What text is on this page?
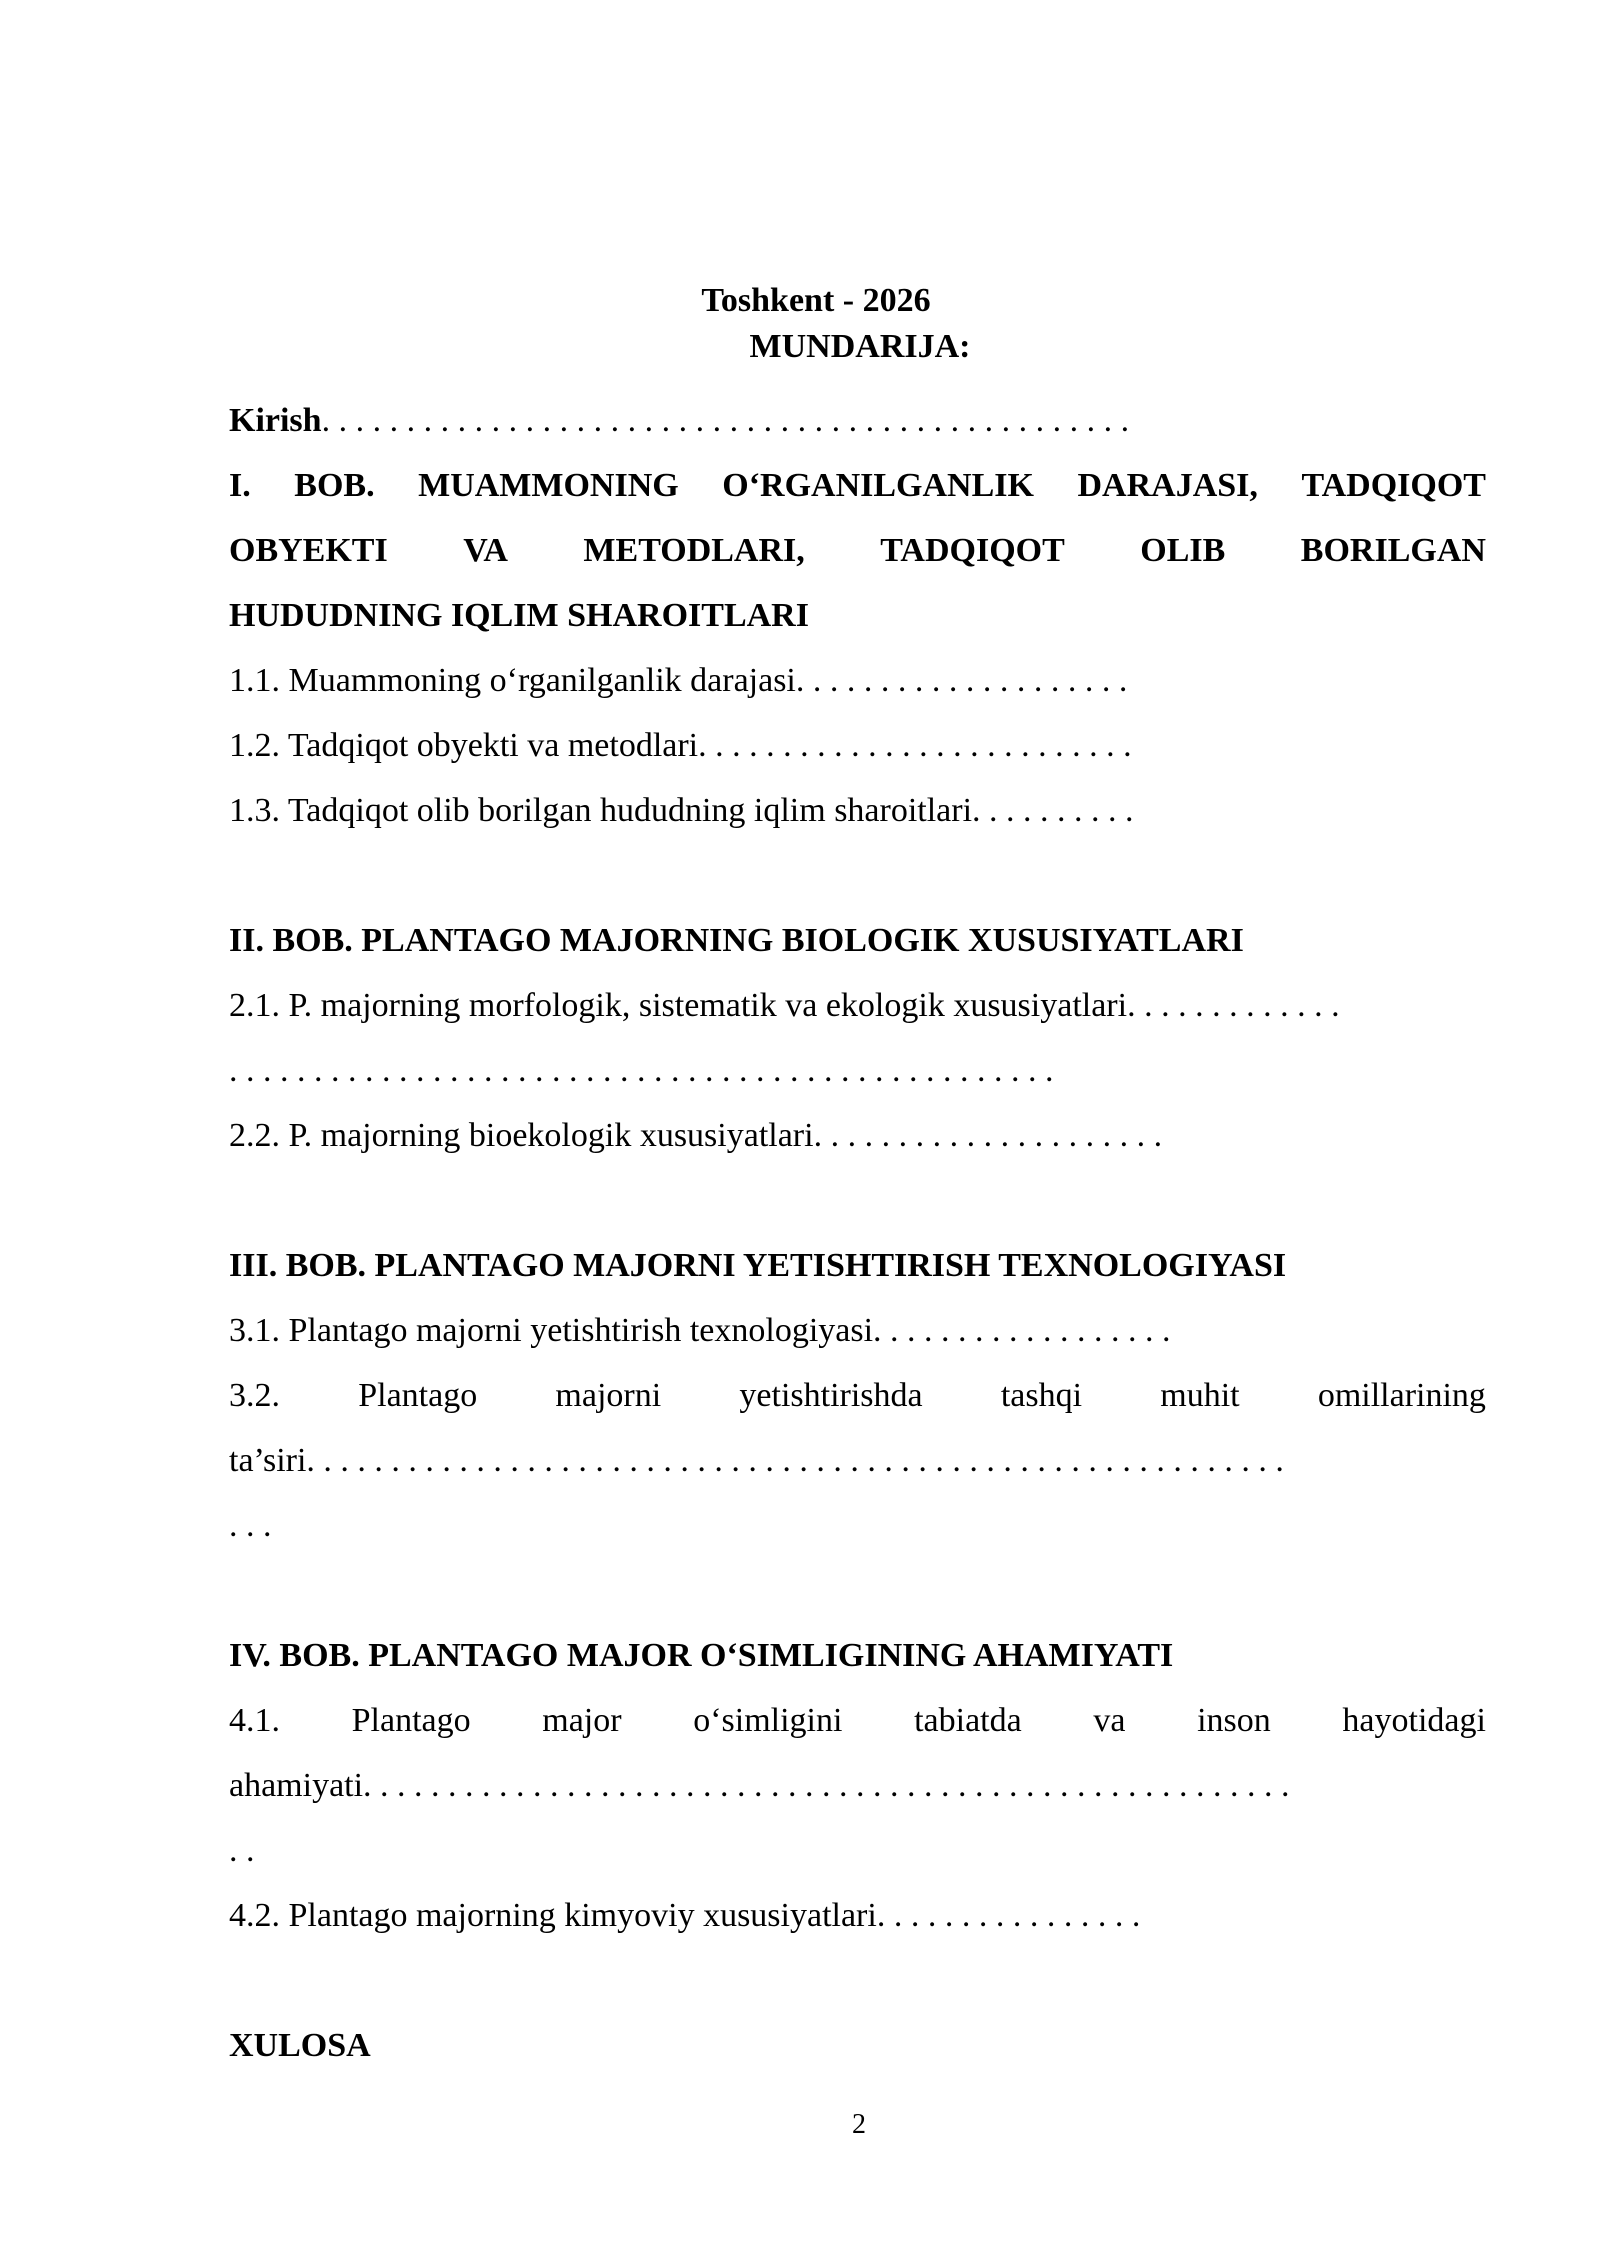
Toshkent - 2026
MUNDARIJA:
Kirish. . . . . . . . . . . . . . . . . . . . . . . . . . . . . . . . . . . . . . . . . . . . . . . .
I. BOB. MUAMMONING O‘RGANILGANLIK DARAJASI, TADQIQOT
OBYEKTI VA METODLARI, TADQIQOT OLIB BORILGAN
HUDUDNING IQLIM SHAROITLARI
1.1. Muammoning o‘rganilganlik darajasi. . . . . . . . . . . . . . . . . . . .
1.2. Tadqiqot obyekti va metodlari. . . . . . . . . . . . . . . . . . . . . . . . . .
1.3. Tadqiqot olib borilgan hududning iqlim sharoitlari. . . . . . . . . .
II. BOB. PLANTAGO MAJORNING BIOLOGIK XUSUSIYATLARI
2.1. P. majorning morfologik, sistematik va ekologik xususiyatlari. . . . . . . . . . . . .
. . . . . . . . . . . . . . . . . . . . . . . . . . . . . . . . . . . . . . . . . . . . . . . . .
2.2. P. majorning bioekologik xususiyatlari. . . . . . . . . . . . . . . . . . . . .
III. BOB. PLANTAGO MAJORNI YETISHTIRISH TEXNOLOGIYASI
3.1. Plantago majorni yetishtirish texnologiyasi. . . . . . . . . . . . . . . . . .
3.2. Plantago majorni yetishtirishda tashqi muhit omillarining
ta’siri. . . . . . . . . . . . . . . . . . . . . . . . . . . . . . . . . . . . . . . . . . . . . . . . . . . . . . . . . .
. . .
IV. BOB. PLANTAGO MAJOR O‘SIMLIGINING AHAMIYATI
4.1. Plantago major o‘simligini tabiatda va inson hayotidagi
ahamiyati. . . . . . . . . . . . . . . . . . . . . . . . . . . . . . . . . . . . . . . . . . . . . . . . . . . . . . .
. .
4.2. Plantago majorning kimyoviy xususiyatlari. . . . . . . . . . . . . . . .
XULOSA
2
